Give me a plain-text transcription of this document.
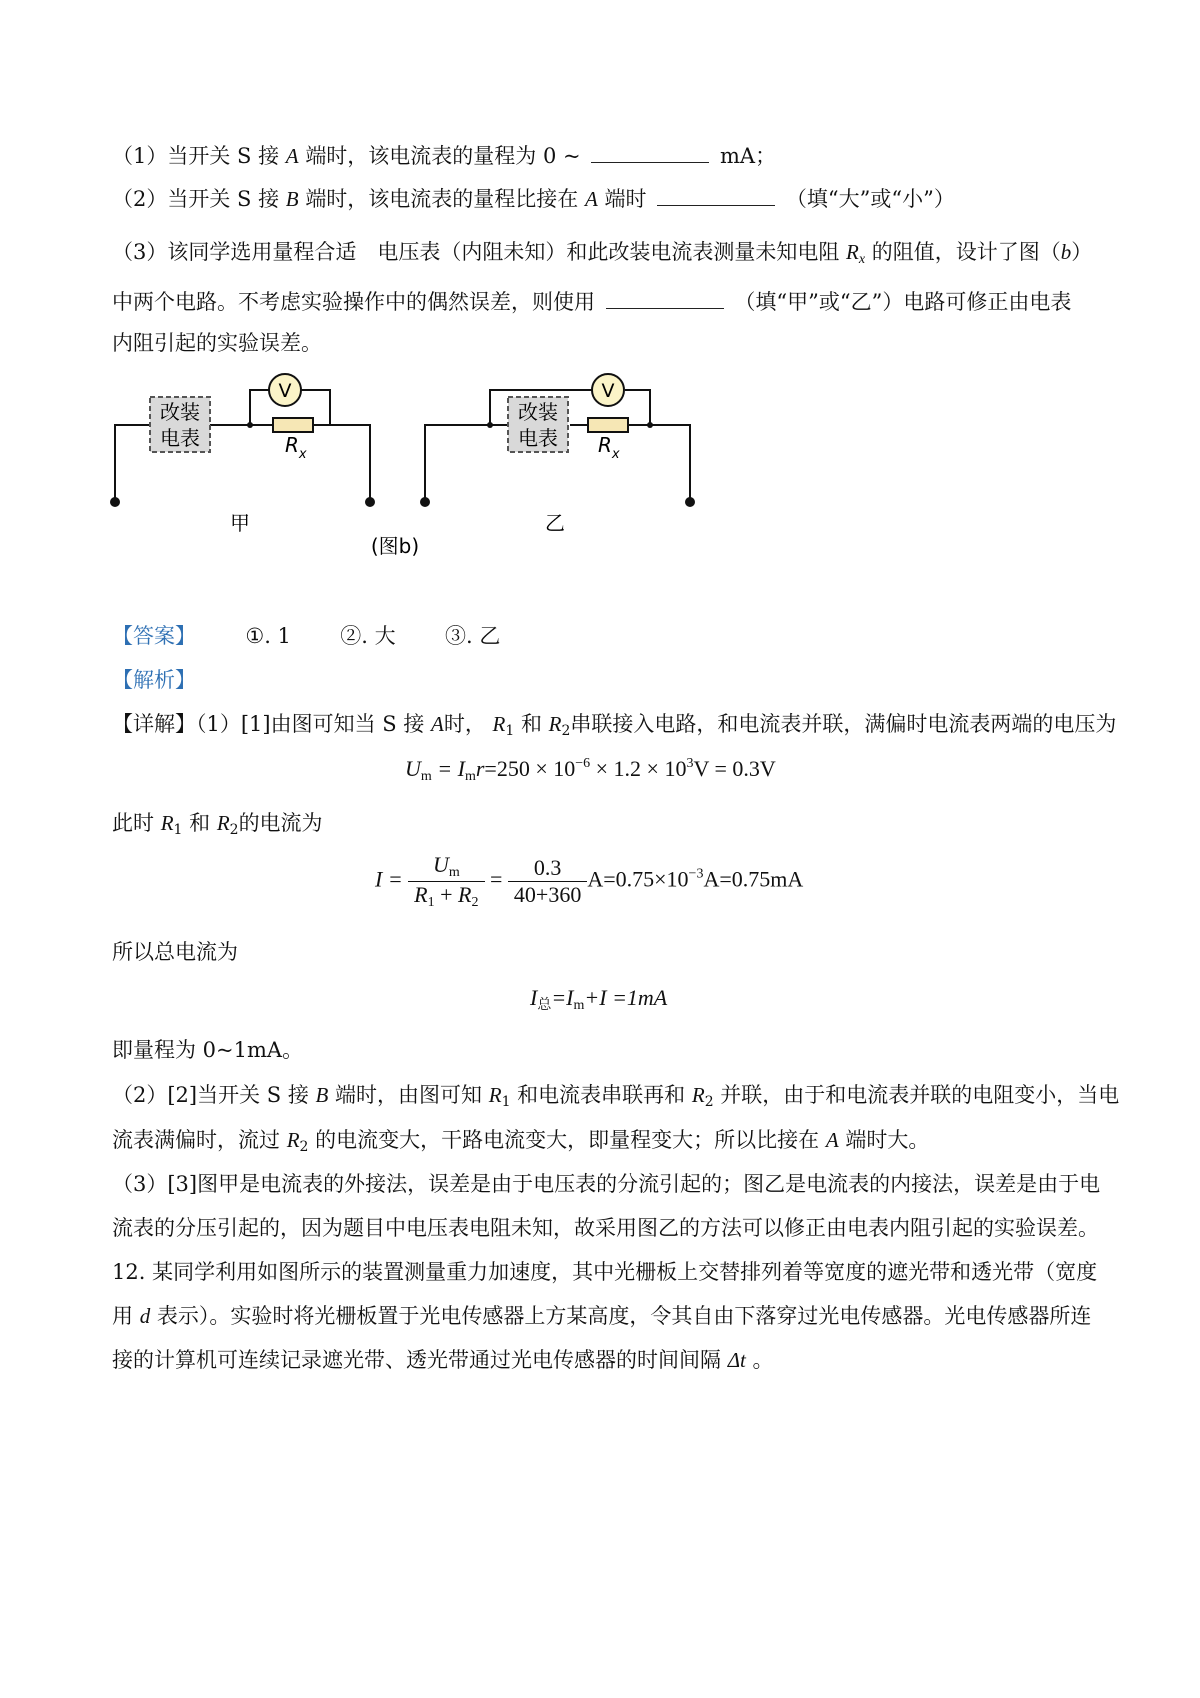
（1）当开关 S 接 A 端时，该电流表的量程为 0 ~	mA；
（2）当开关 S 接 B 端时，该电流表的量程比接在 A 端时	（填“大”或“小”）
（3）该同学选用量程合适　电压表（内阻未知）和此改装电流表测量未知电阻 $R_x$ 的阻值，设计了图（b）
中两个电路。不考虑实验操作中的偶然误差，则使用	（填“甲”或“乙”）电路可修正由电表
内阻引起的实验误差。
改装
电表
V
$R_x$
甲
改装
电表
V
$R_x$
乙
(图b)
【答案】 ①. 1 ②. 大 ③. 乙
【解析】
【详解】（1）[1]由图可知当 S 接 A时， $R_1$ 和 $R_2$串联接入电路，和电流表并联，满偏时电流表两端的电压为
$U_m = I_mr=250 \times 10^{-6} \times 1.2 \times 10^3V = 0.3V$
此时 $R_1$ 和 $R_2$的电流为
$I = \frac{U_m}{R_1 + R_2} = \frac{0.3}{40+360} A=0.75\times 10^{-3}A=0.75mA$
所以总电流为
$I_总=I_m+I =1mA$
即量程为 0~1mA。
（2）[2]当开关 S 接 B 端时，由图可知 $R_1$ 和电流表串联再和 $R_2$ 并联，由于和电流表并联的电阻变小，当电
流表满偏时，流过 $R_2$ 的电流变大，干路电流变大，即量程变大；所以比接在 A 端时大。
（3）[3]图甲是电流表的外接法，误差是由于电压表的分流引起的；图乙是电流表的内接法，误差是由于电
流表的分压引起的，因为题目中电压表电阻未知，故采用图乙的方法可以修正由电表内阻引起的实验误差。
12. 某同学利用如图所示的装置测量重力加速度，其中光栅板上交替排列着等宽度的遮光带和透光带（宽度
用 d 表示）。实验时将光栅板置于光电传感器上方某高度，令其自由下落穿过光电传感器。光电传感器所连
接的计算机可连续记录遮光带、透光带通过光电传感器的时间间隔 Δt 。
